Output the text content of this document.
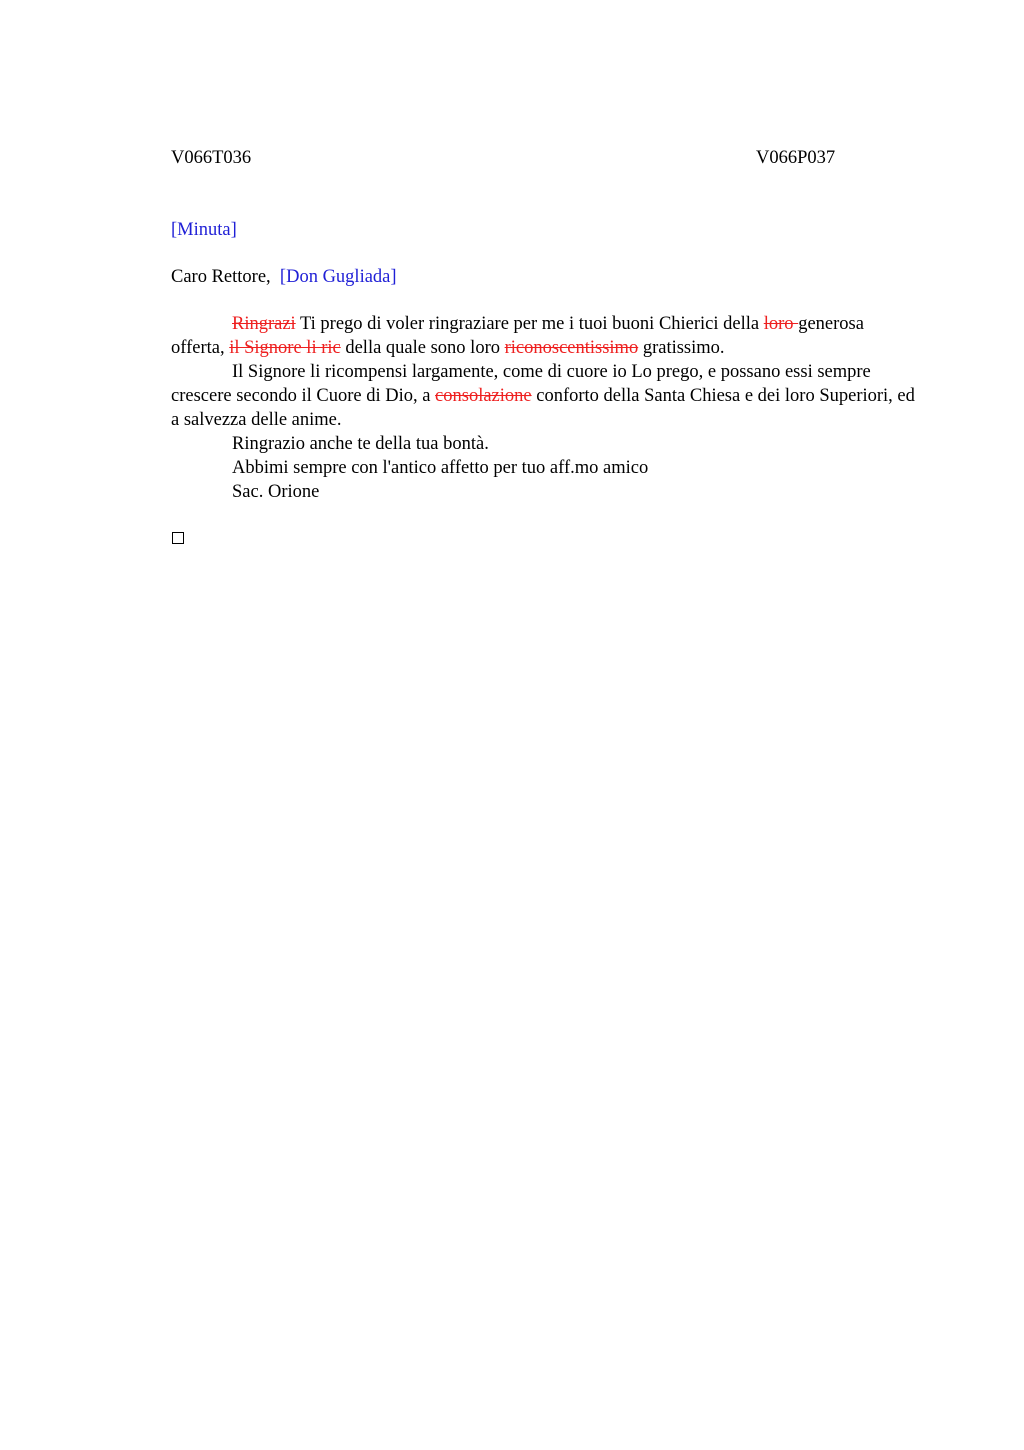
V066T036	V066P037
[Minuta]
Caro Rettore,  [Don Gugliada]

Ringrazi Ti prego di voler ringraziare per me i tuoi buoni Chierici della loro generosa offerta, il Signore li ric della quale sono loro riconoscentissimo gratissimo.

Il Signore li ricompensi largamente, come di cuore io Lo prego, e possano essi sempre crescere secondo il Cuore di Dio, a consolazione conforto della Santa Chiesa e dei loro Superiori, ed a salvezza delle anime.

Ringrazio anche te della tua bontà.

Abbimi sempre con l'antico affetto per tuo aff.mo amico

Sac. Orione
